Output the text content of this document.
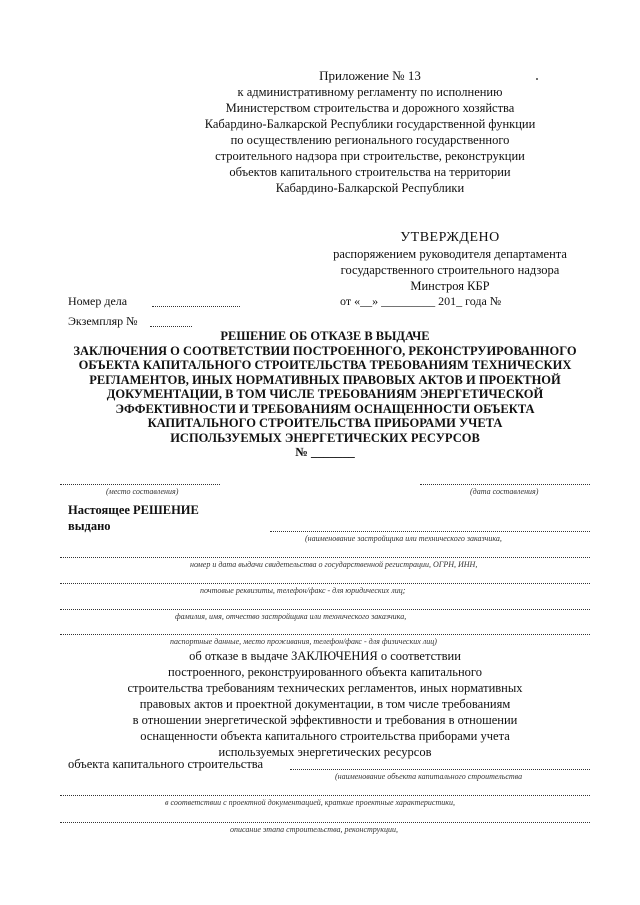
Приложение № 13
к административному регламенту по исполнению
Министерством строительства и дорожного хозяйства
Кабардино-Балкарской Республики государственной функции
по осуществлению регионального государственного
строительного надзора при строительстве, реконструкции
объектов капитального строительства на территории
Кабардино-Балкарской Республики
УТВЕРЖДЕНО
распоряжением руководителя департамента
государственного строительного надзора
Минстроя КБР
Номер дела	от «__» _________ 201_ года №
Экземпляр №
РЕШЕНИЕ ОБ ОТКАЗЕ В ВЫДАЧЕ
ЗАКЛЮЧЕНИЯ О СООТВЕТСТВИИ ПОСТРОЕННОГО, РЕКОНСТРУИРОВАННОГО
ОБЪЕКТА КАПИТАЛЬНОГО СТРОИТЕЛЬСТВА ТРЕБОВАНИЯМ ТЕХНИЧЕСКИХ
РЕГЛАМЕНТОВ, ИНЫХ НОРМАТИВНЫХ ПРАВОВЫХ АКТОВ И ПРОЕКТНОЙ
ДОКУМЕНТАЦИИ, В ТОМ ЧИСЛЕ ТРЕБОВАНИЯМ ЭНЕРГЕТИЧЕСКОЙ
ЭФФЕКТИВНОСТИ И ТРЕБОВАНИЯМ ОСНАЩЕННОСТИ ОБЪЕКТА
КАПИТАЛЬНОГО СТРОИТЕЛЬСТВА ПРИБОРАМИ УЧЕТА
ИСПОЛЬЗУЕМЫХ ЭНЕРГЕТИЧЕСКИХ РЕСУРСОВ
№ _______
(место составления)	(дата составления)
Настоящее РЕШЕНИЕ
выдано
(наименование застройщика или технического заказчика,
номер и дата выдачи свидетельства о государственной регистрации, ОГРН, ИНН,
почтовые реквизиты, телефон/факс - для юридических лиц;
фамилия, имя, отчество застройщика или технического заказчика,
паспортные данные, место проживания, телефон/факс - для физических лиц)
об отказе в выдаче ЗАКЛЮЧЕНИЯ о соответствии
построенного, реконструированного объекта капитального
строительства требованиям технических регламентов, иных нормативных
правовых актов и проектной документации, в том числе требованиям
в отношении энергетической эффективности и требования в отношении
оснащенности объекта капитального строительства приборами учета
используемых энергетических ресурсов
объекта капитального строительства
(наименование объекта капитального строительства
в соответствии с проектной документацией, краткие проектные характеристики,
описание этапа строительства, реконструкции,
